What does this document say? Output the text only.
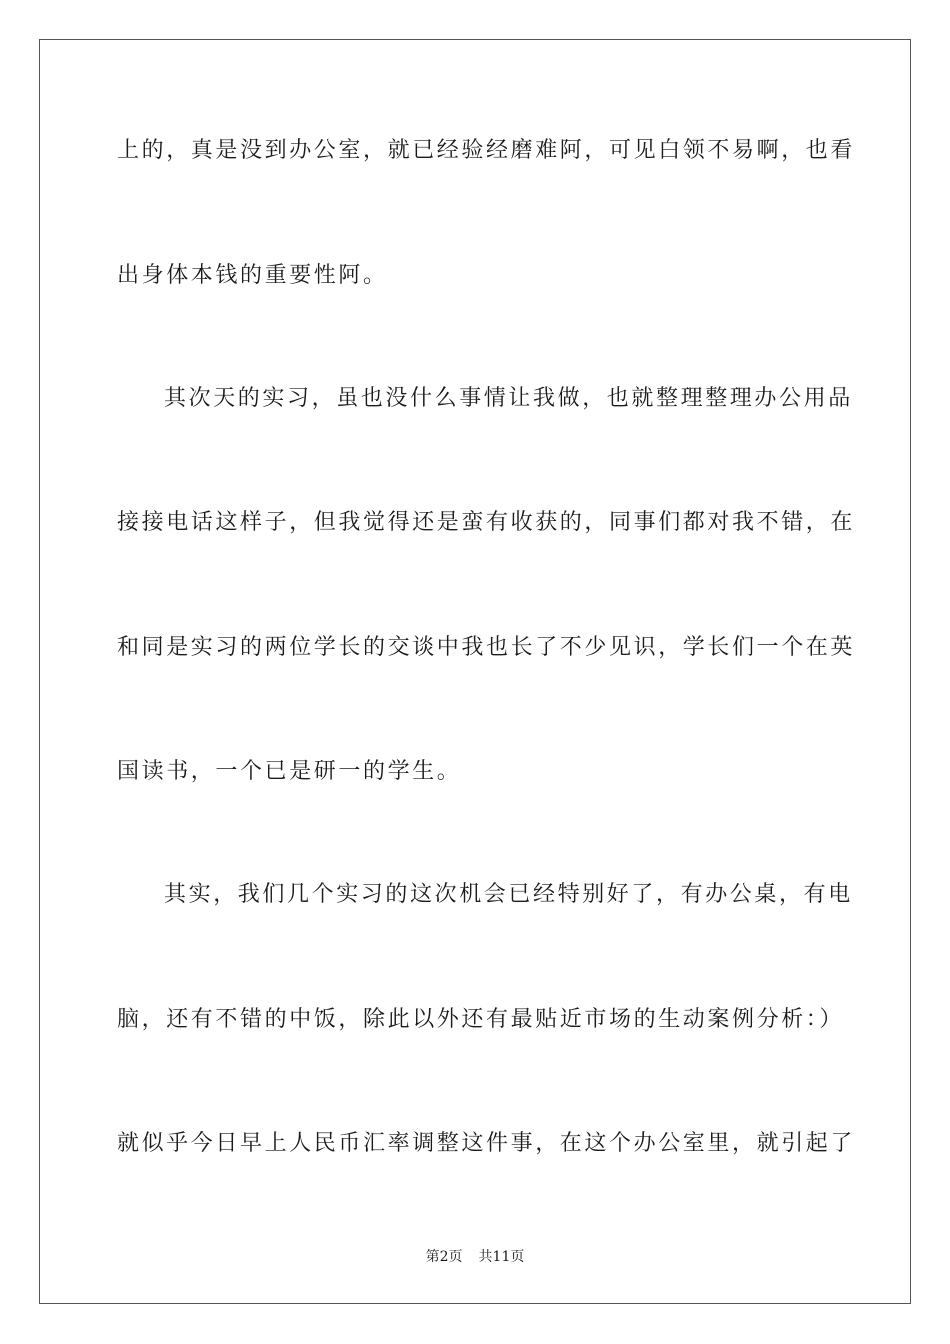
上的，真是没到办公室，就已经验经磨难阿，可见白领不易啊，也看
出身体本钱的重要性阿。
其次天的实习，虽也没什么事情让我做，也就整理整理办公用品
接接电话这样子，但我觉得还是蛮有收获的，同事们都对我不错，在
和同是实习的两位学长的交谈中我也长了不少见识，学长们一个在英
国读书，一个已是研一的学生。
其实，我们几个实习的这次机会已经特别好了，有办公桌，有电
脑，还有不错的中饭，除此以外还有最贴近市场的生动案例分析：）
就似乎今日早上人民币汇率调整这件事，在这个办公室里，就引起了
第2页 共11页
